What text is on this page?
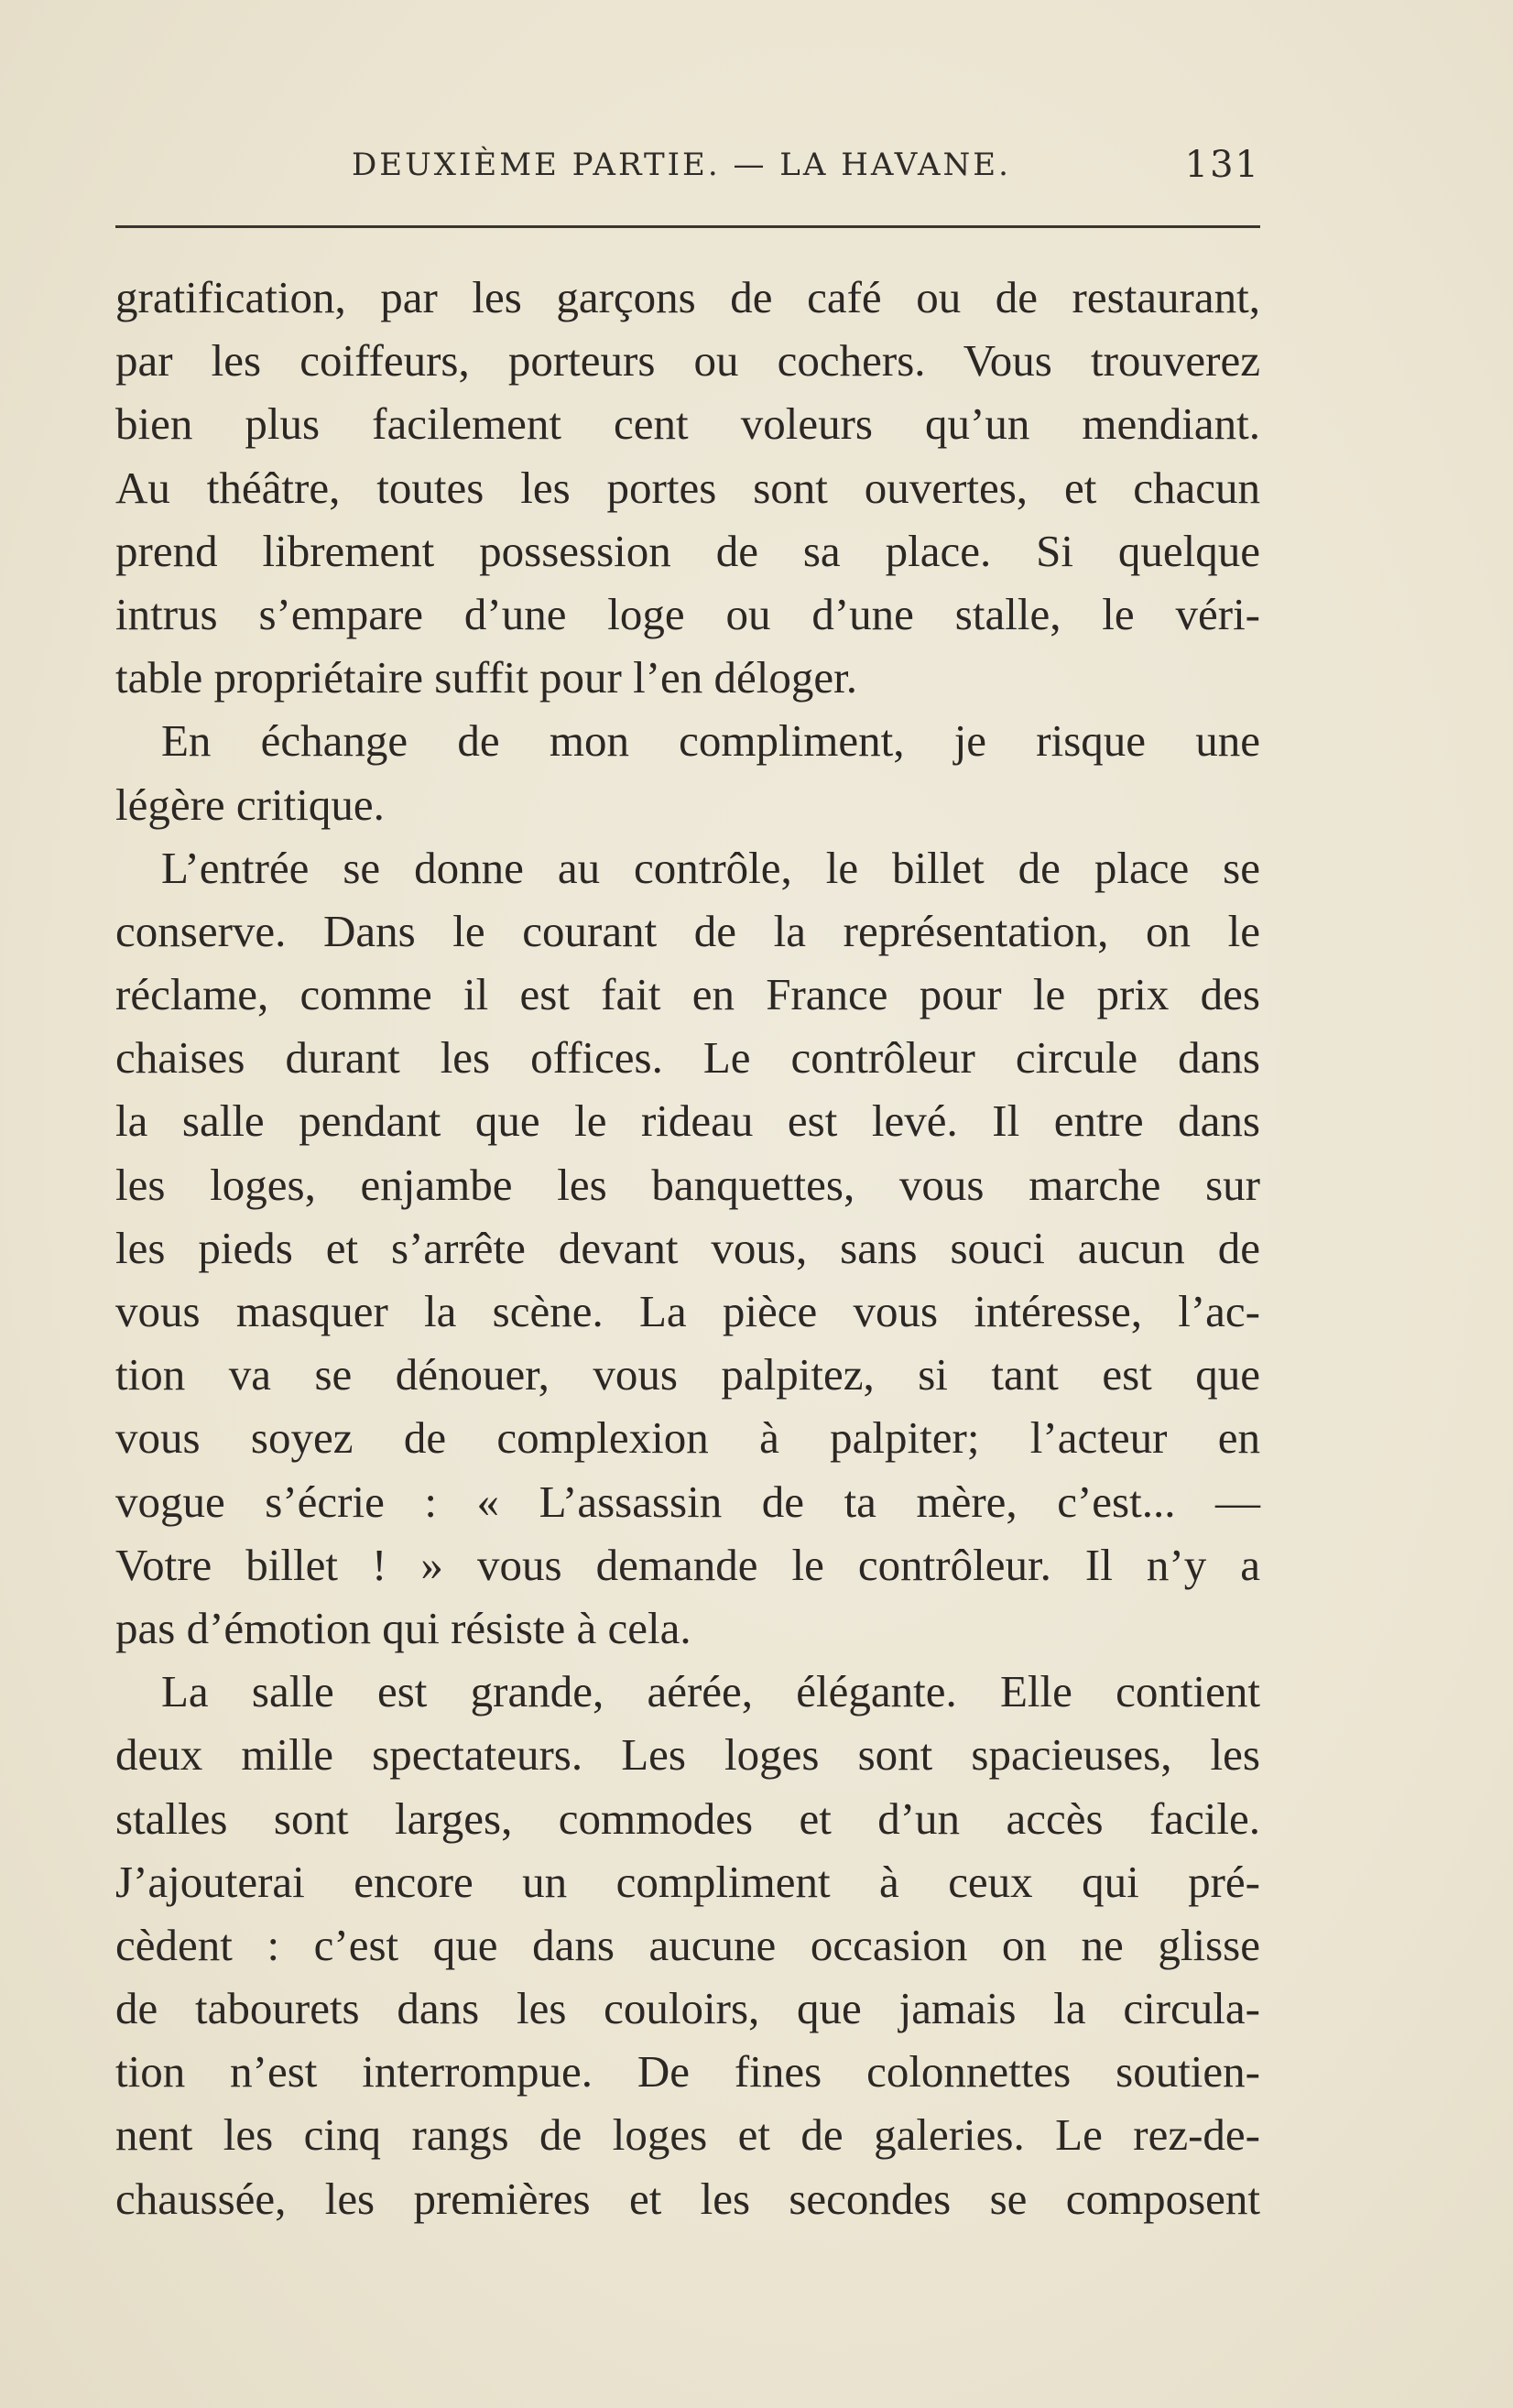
DEUXIÈME PARTIE. — LA HAVANE.	131
gratification, par les garçons de café ou de restaurant,
par les coiffeurs, porteurs ou cochers. Vous trouverez
bien plus facilement cent voleurs qu’un mendiant.
Au théâtre, toutes les portes sont ouvertes, et chacun
prend librement possession de sa place. Si quelque
intrus s’empare d’une loge ou d’une stalle, le véri-
table propriétaire suffit pour l’en déloger.
En échange de mon compliment, je risque une
légère critique.
L’entrée se donne au contrôle, le billet de place se
conserve. Dans le courant de la représentation, on le
réclame, comme il est fait en France pour le prix des
chaises durant les offices. Le contrôleur circule dans
la salle pendant que le rideau est levé. Il entre dans
les loges, enjambe les banquettes, vous marche sur
les pieds et s’arrête devant vous, sans souci aucun de
vous masquer la scène. La pièce vous intéresse, l’ac-
tion va se dénouer, vous palpitez, si tant est que
vous soyez de complexion à palpiter; l’acteur en
vogue s’écrie : « L’assassin de ta mère, c’est... —
Votre billet ! » vous demande le contrôleur. Il n’y a
pas d’émotion qui résiste à cela.
La salle est grande, aérée, élégante. Elle contient
deux mille spectateurs. Les loges sont spacieuses, les
stalles sont larges, commodes et d’un accès facile.
J’ajouterai encore un compliment à ceux qui pré-
cèdent : c’est que dans aucune occasion on ne glisse
de tabourets dans les couloirs, que jamais la circula-
tion n’est interrompue. De fines colonnettes soutien-
nent les cinq rangs de loges et de galeries. Le rez-de-
chaussée, les premières et les secondes se composent
